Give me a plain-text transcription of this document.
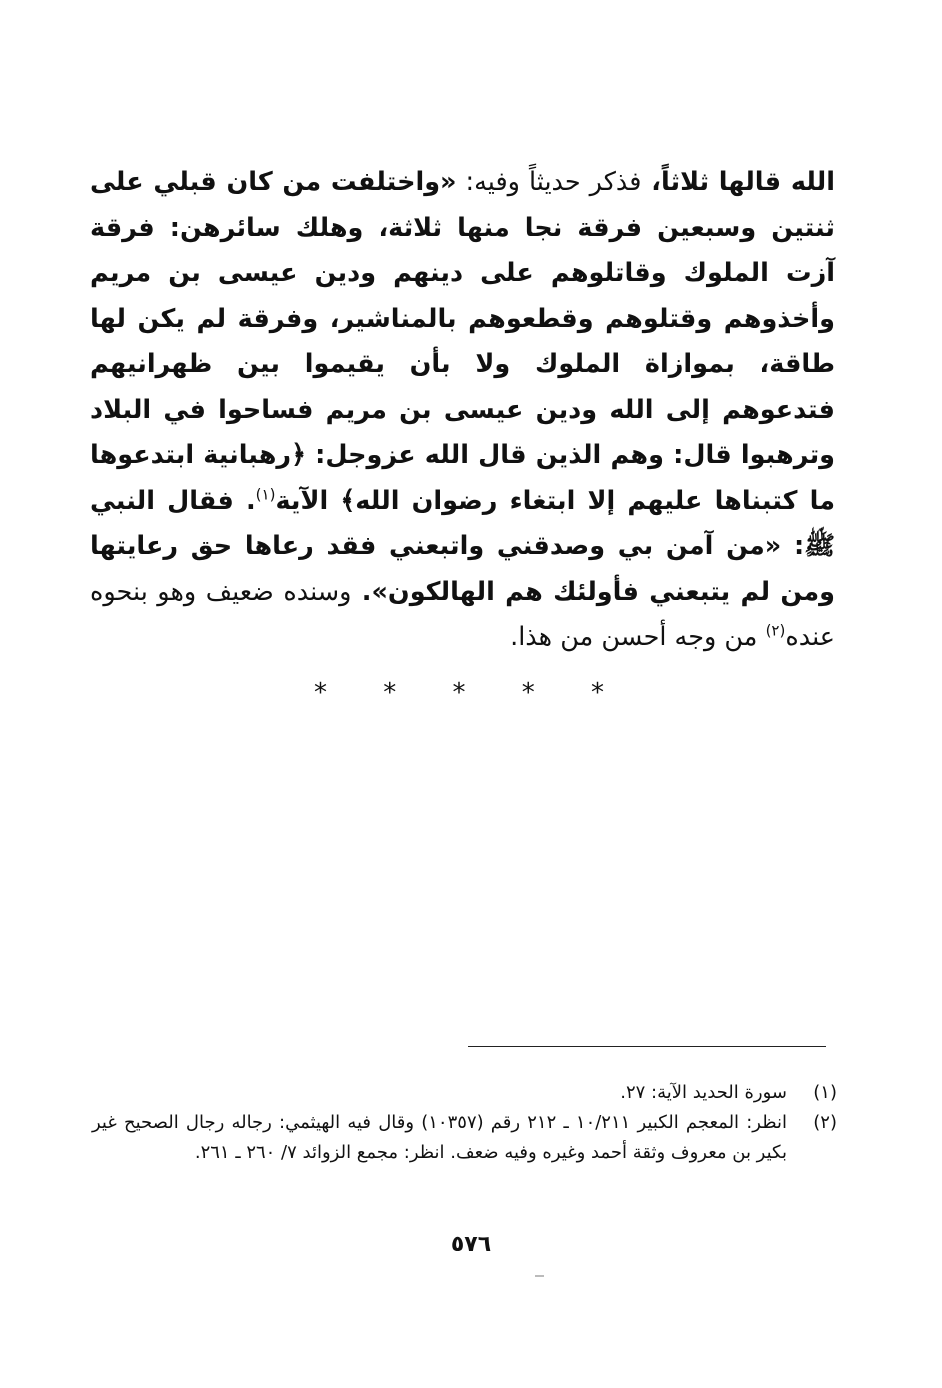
الله قالها ثلاثاً، فذكر حديثاً وفيه: «واختلفت من كان قبلي على ثنتين وسبعين فرقة نجا منها ثلاثة، وهلك سائرهن: فرقة آزت الملوك وقاتلوهم على دينهم ودين عيسى بن مريم وأخذوهم وقتلوهم وقطعوهم بالمناشير، وفرقة لم يكن لها طاقة، بموازاة الملوك ولا بأن يقيموا بين ظهرانيهم فتدعوهم إلى الله ودين عيسى بن مريم فساحوا في البلاد وترهبوا قال: وهم الذين قال الله عزوجل: ﴿رهبانية ابتدعوها ما كتبناها عليهم إلا ابتغاء رضوان الله﴾ الآية$^{(١)}$. فقال النبي ﷺ: «من آمن بي وصدقني واتبعني فقد رعاها حق رعايتها ومن لم يتبعني فأولئك هم الهالكون». وسنده ضعيف وهو بنحوه عنده$^{(٢)}$ من وجه أحسن من هذا.

* * * * *
(١)
سورة الحديد الآية: ٢٧.
(٢)
انظر: المعجم الكبير ١٠/٢١١ ـ ٢١٢ رقم (١٠٣٥٧) وقال فيه الهيثمي: رجاله رجال الصحيح غير بكير بن معروف وثقة أحمد وغيره وفيه ضعف. انظر: مجمع الزوائد ٧/ ٢٦٠ ـ ٢٦١.
٥٧٦
